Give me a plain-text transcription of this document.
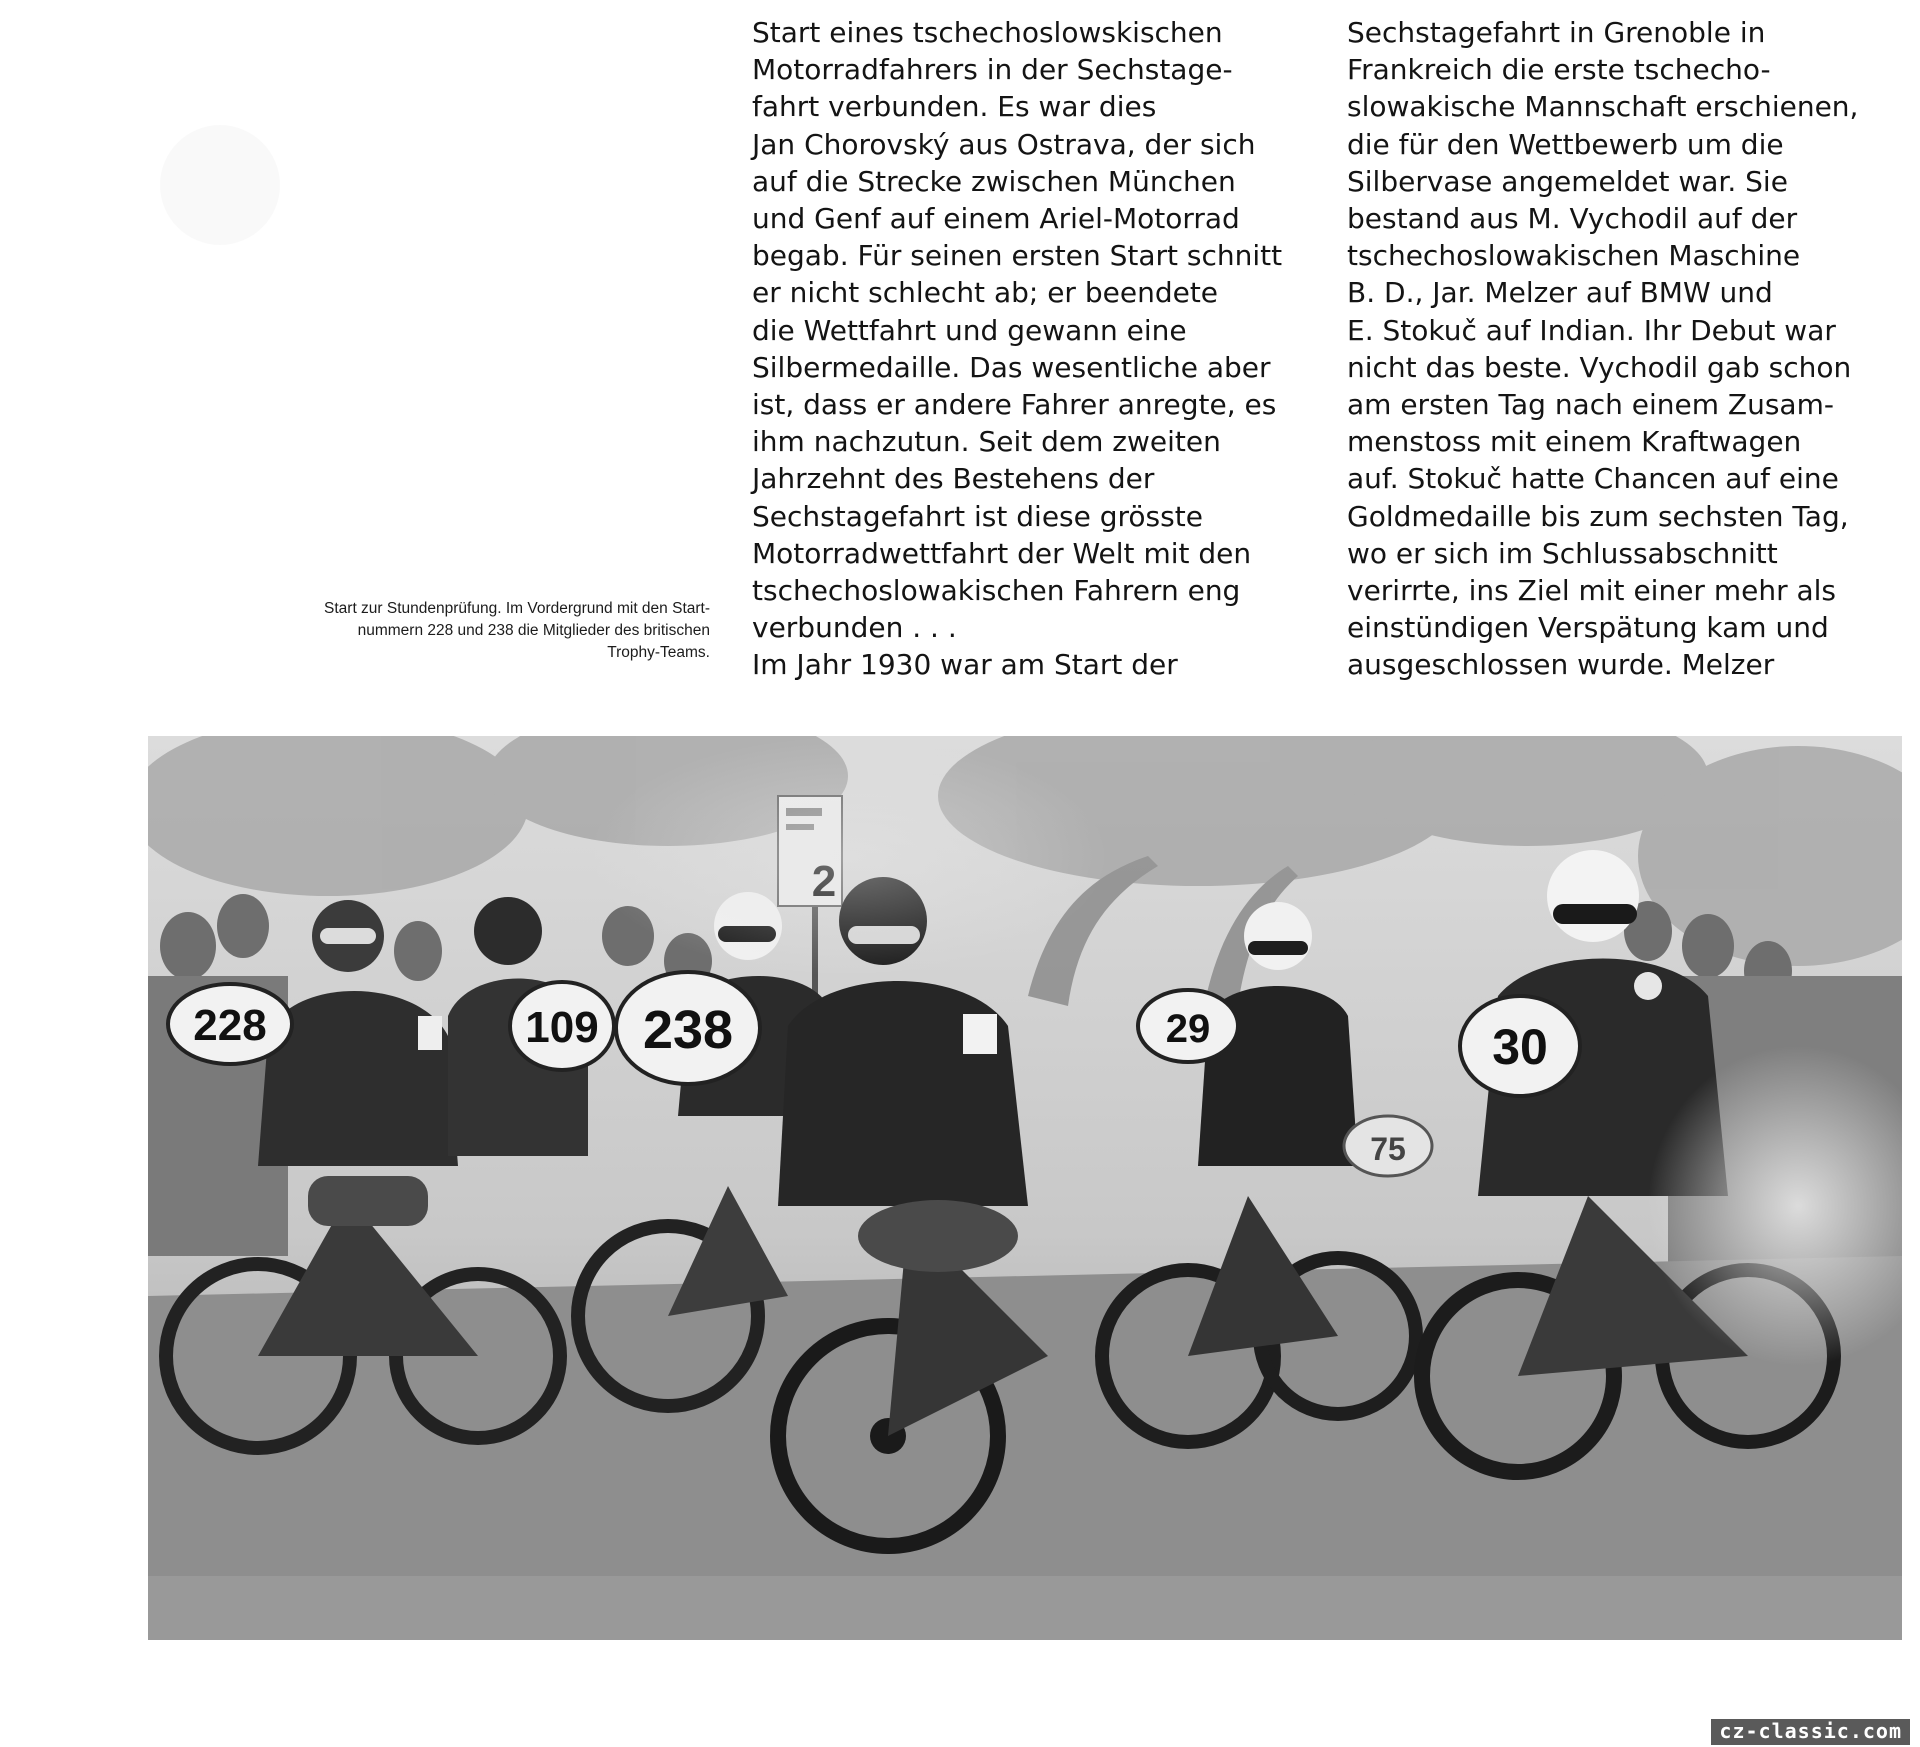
Start zur Stundenprüfung. Im Vordergrund mit den Start-
nummern 228 und 238 die Mitglieder des britischen
Trophy-Teams.
Start eines tschechoslowskischen
Motorradfahrers in der Sechstage-
fahrt verbunden. Es war dies
Jan Chorovský aus Ostrava, der sich
auf die Strecke zwischen München
und Genf auf einem Ariel-Motorrad
begab. Für seinen ersten Start schnitt
er nicht schlecht ab; er beendete
die Wettfahrt und gewann eine
Silbermedaille. Das wesentliche aber
ist, dass er andere Fahrer anregte, es
ihm nachzutun. Seit dem zweiten
Jahrzehnt des Bestehens der
Sechstagefahrt ist diese grösste
Motorradwettfahrt der Welt mit den
tschechoslowakischen Fahrern eng
verbunden . . .
Im Jahr 1930 war am Start der
Sechstagefahrt in Grenoble in
Frankreich die erste tschecho-
slowakische Mannschaft erschienen,
die für den Wettbewerb um die
Silbervase angemeldet war. Sie
bestand aus M. Vychodil auf der
tschechoslowakischen Maschine
B. D., Jar. Melzer auf BMW und
E. Stokuč auf Indian. Ihr Debut war
nicht das beste. Vychodil gab schon
am ersten Tag nach einem Zusam-
menstoss mit einem Kraftwagen
auf. Stokuč hatte Chancen auf eine
Goldmedaille bis zum sechsten Tag,
wo er sich im Schlussabschnitt
verirrte, ins Ziel mit einer mehr als
einstündigen Verspätung kam und
ausgeschlossen wurde. Melzer
228	109 238	29
75
30
cz-classic.com
